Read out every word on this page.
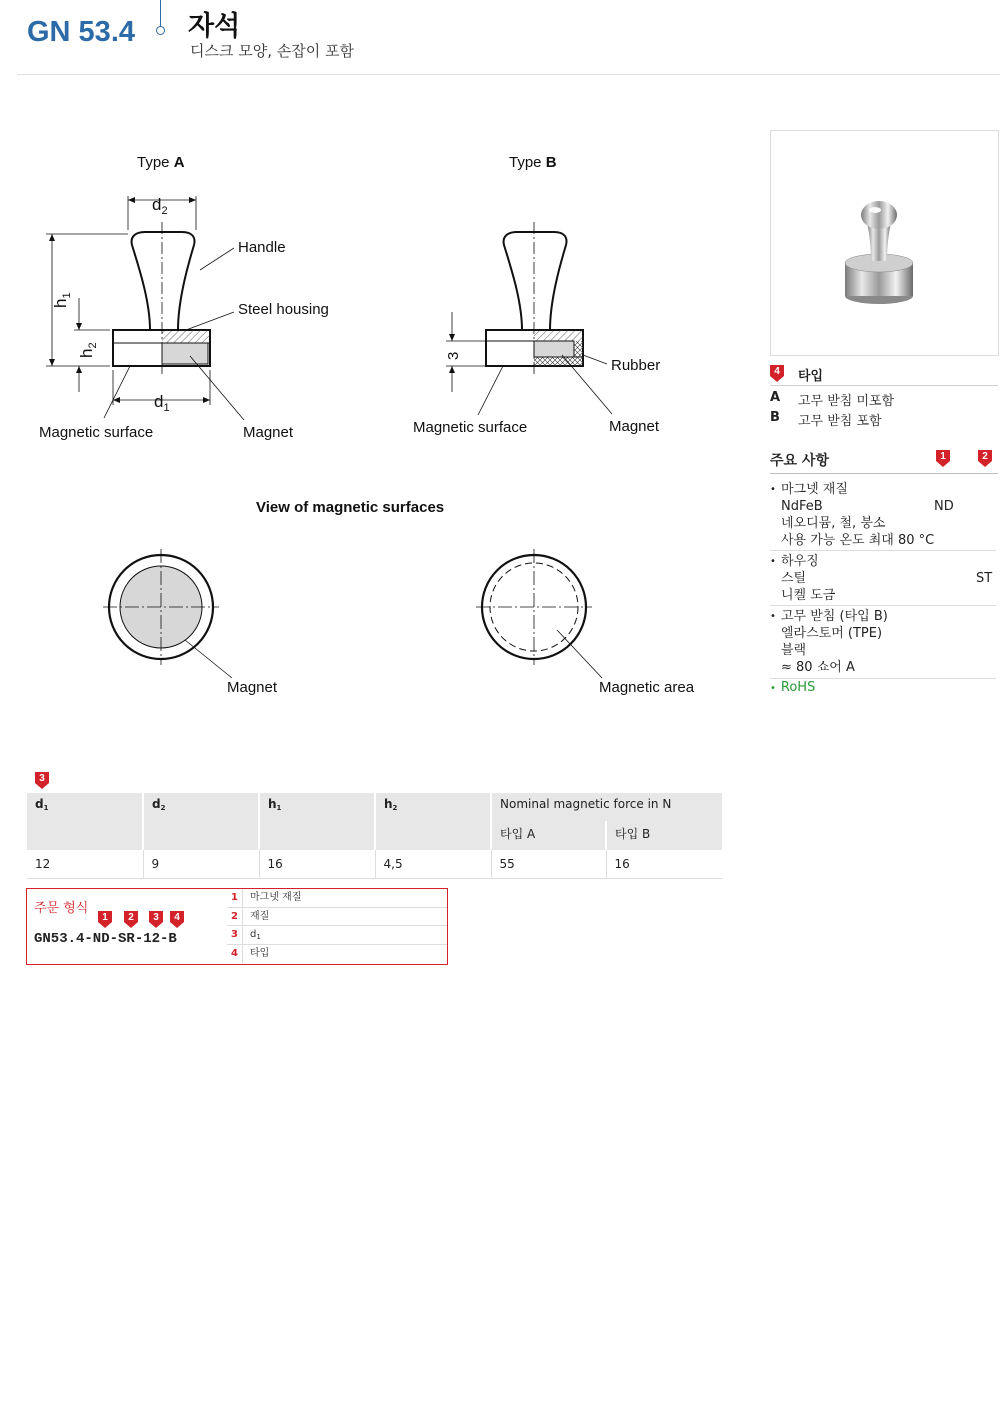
GN 53.4 자석
디스크 모양, 손잡이 포함
Type A	Type B
$d_2$
$d_1$
$h_1$
$h_2$
Handle
Steel housing
Magnet
Magnetic surface
3
Rubber
Magnet
Magnetic surface
View of magnetic surfaces
Magnet	Magnetic area
4	타입
A 고무 받침 미포함
B 고무 받침 포함
주요 사항	1	2
• 마그넷 재질
NdFeB	ND
네오디뮴, 철, 붕소
사용 가능 온도 최대 80 °C
• 하우징
스틸	ST
니켈 도금
• 고무 받침 (타입 B)
엘라스토머 (TPE)
블랙
≈ 80 쇼어 A
• RoHS
3
$d_1$	$d_2$	$h_1$	$h_2$	Nominal magnetic force in N	
				타입 A	타입 B
12	9	16	4,5	55	16
주문 형식
1	2	3	4
GN53.4-ND-SR-12-B
1	마그넷 재질
2	재질
3	$d_1$
4	타입
